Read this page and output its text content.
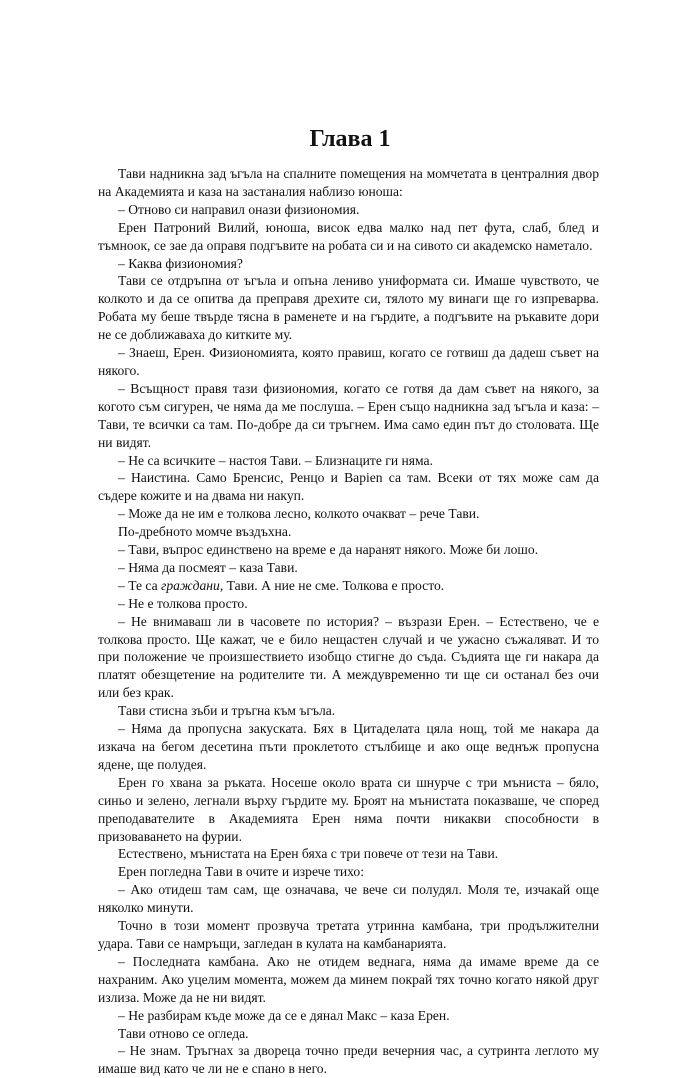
Глава 1

Тави надникна зад ъгъла на спалните помещения на момчетата в централния двор на Академията и каза на застаналия наблизо юноша:

– Отново си направил онази физиономия.

Ерен Патроний Вилий, юноша, висок едва малко над пет фута, слаб, блед и тъмноок, се зае да оправя подгъвите на робата си и на сивото си академско наметало.

– Каква физиономия?

Тави се отдръпна от ъгъла и опъна лениво униформата си. Имаше чувството, че колкото и да се опитва да преправя дрехите си, тялото му винаги ще го изпреварва. Робата му беше твърде тясна в раменете и на гърдите, а подгъвите на ръкавите дори не се доближаваха до китките му.

– Знаеш, Ерен. Физиономията, която правиш, когато се готвиш да дадеш съвет на някого.

– Всъщност правя тази физиономия, когато се готвя да дам съвет на някого, за когото съм сигурен, че няма да ме послуша. – Ерен също надникна зад ъгъла и каза: – Тави, те всички са там. По-добре да си тръгнем. Има само един път до столовата. Ще ни видят.

– Не са всичките – настоя Тави. – Близнаците ги няма.

– Наистина. Само Бренсис, Ренцо и Варien са там. Всеки от тях може сам да съдере кожите и на двама ни накуп.

– Може да не им е толкова лесно, колкото очакват – рече Тави.

По-дребното момче въздъхна.

– Тави, въпрос единствено на време е да наранят някого. Може би лошо.

– Няма да посмеят – каза Тави.

– Те са граждани, Тави. А ние не сме. Толкова е просто.

– Не е толкова просто.

– Не внимаваш ли в часовете по история? – възрази Ерен. – Естествено, че е толкова просто. Ще кажат, че е било нещастен случай и че ужасно съжаляват. И то при положение че произшествието изобщо стигне до съда. Съдията ще ги накара да платят обезщетение на родителите ти. А междувременно ти ще си останал без очи или без крак.

Тави стисна зъби и тръгна към ъгъла.

– Няма да пропусна закуската. Бях в Цитаделата цяла нощ, той ме накара да изкача на бегом десетина пъти проклетото стълбище и ако още веднъж пропусна ядене, ще полудея.

Ерен го хвана за ръката. Носеше около врата си шнурче с три мъниста – бяло, синьо и зелено, легнали върху гърдите му. Броят на мънистата показваше, че според преподавателите в Академията Ерен няма почти никакви способности в призоваването на фурии.

Естествено, мънистата на Ерен бяха с три повече от тези на Тави.

Ерен погледна Тави в очите и изрече тихо:

– Ако отидеш там сам, ще означава, че вече си полудял. Моля те, изчакай още няколко минути.

Точно в този момент прозвуча третата утринна камбана, три продължителни удара. Тави се намръщи, загледан в кулата на камбанарията.

– Последната камбана. Ако не отидем веднага, няма да имаме време да се нахраним. Ако уцелим момента, можем да минем покрай тях точно когато някой друг излиза. Може да не ни видят.

– Не разбирам къде може да се е дянал Макс – каза Ерен.

Тави отново се огледа.

– Не знам. Тръгнах за двореца точно преди вечерния час, а сутринта леглото му имаше вид като че ли не е спано в него.
